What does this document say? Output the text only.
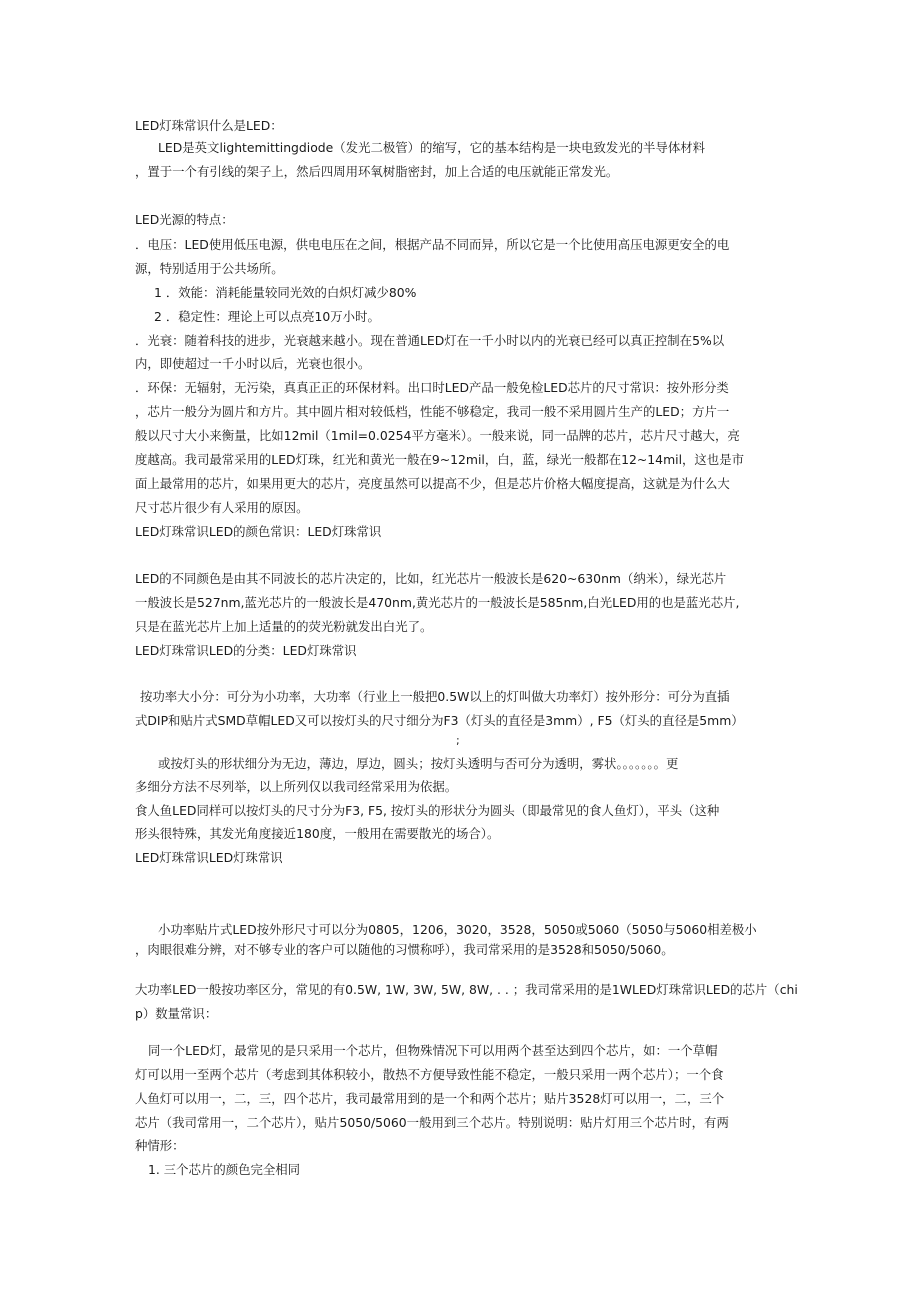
LED灯珠常识什么是LED：
LED是英文lightemittingdiode（发光二极管）的缩写，它的基本结构是一块电致发光的半导体材料
，置于一个有引线的架子上，然后四周用环氧树脂密封，加上合适的电压就能正常发光。
LED光源的特点：
．电压：LED使用低压电源，供电电压在之间，根据产品不同而异，所以它是一个比使用高压电源更安全的电
源，特别适用于公共场所。
1 ．效能：消耗能量较同光效的白炽灯减少80%
2 ．稳定性：理论上可以点亮10万小时。
．光衰：随着科技的进步，光衰越来越小。现在普通LED灯在一千小时以内的光衰已经可以真正控制在5%以
内，即使超过一千小时以后，光衰也很小。
．环保：无辐射，无污染，真真正正的环保材料。出口时LED产品一般免检LED芯片的尺寸常识：按外形分类
，芯片一般分为圆片和方片。其中圆片相对较低档，性能不够稳定，我司一般不采用圆片生产的LED；方片一
般以尺寸大小来衡量，比如12mil（1mil=0.0254平方毫米）。一般来说，同一品牌的芯片，芯片尺寸越大，亮
度越高。我司最常采用的LED灯珠，红光和黄光一般在9~12mil，白，蓝，绿光一般都在12~14mil，这也是市
面上最常用的芯片，如果用更大的芯片，亮度虽然可以提高不少，但是芯片价格大幅度提高，这就是为什么大
尺寸芯片很少有人采用的原因。
LED灯珠常识LED的颜色常识：LED灯珠常识
LED的不同颜色是由其不同波长的芯片决定的，比如，红光芯片一般波长是620~630nm（纳米），绿光芯片
一般波长是527nm,蓝光芯片的一般波长是470nm,黄光芯片的一般波长是585nm,白光LED用的也是蓝光芯片,
只是在蓝光芯片上加上适量的的荧光粉就发出白光了。
LED灯珠常识LED的分类：LED灯珠常识
按功率大小分：可分为小功率，大功率（行业上一般把0.5W以上的灯叫做大功率灯）按外形分：可分为直插
式DIP和贴片式SMD草帽LED又可以按灯头的尺寸细分为F3（灯头的直径是3mm）, F5（灯头的直径是5mm）
;
或按灯头的形状细分为无边，薄边，厚边，圆头；按灯头透明与否可分为透明，雾状。。。。。。。更
多细分方法不尽列举，以上所列仅以我司经常采用为依据。
食人鱼LED同样可以按灯头的尺寸分为F3, F5, 按灯头的形状分为圆头（即最常见的食人鱼灯），平头（这种
形头很特殊，其发光角度接近180度，一般用在需要散光的场合）。
LED灯珠常识LED灯珠常识
小功率贴片式LED按外形尺寸可以分为0805，1206，3020，3528，5050或5060（5050与5060相差极小
，肉眼很难分辨，对不够专业的客户可以随他的习惯称呼），我司常采用的是3528和5050/5060。
大功率LED一般按功率区分，常见的有0.5W, 1W, 3W, 5W, 8W, . . ；我司常采用的是1WLED灯珠常识LED的芯片（chi
p）数量常识：
同一个LED灯，最常见的是只采用一个芯片，但物殊情况下可以用两个甚至达到四个芯片，如：一个草帽
灯可以用一至两个芯片（考虑到其体积较小，散热不方便导致性能不稳定，一般只采用一两个芯片）；一个食
人鱼灯可以用一，二，三，四个芯片，我司最常用到的是一个和两个芯片；贴片3528灯可以用一，二，三个
芯片（我司常用一，二个芯片），贴片5050/5060一般用到三个芯片。特别说明：贴片灯用三个芯片时，有两
种情形：
1. 三个芯片的颜色完全相同
